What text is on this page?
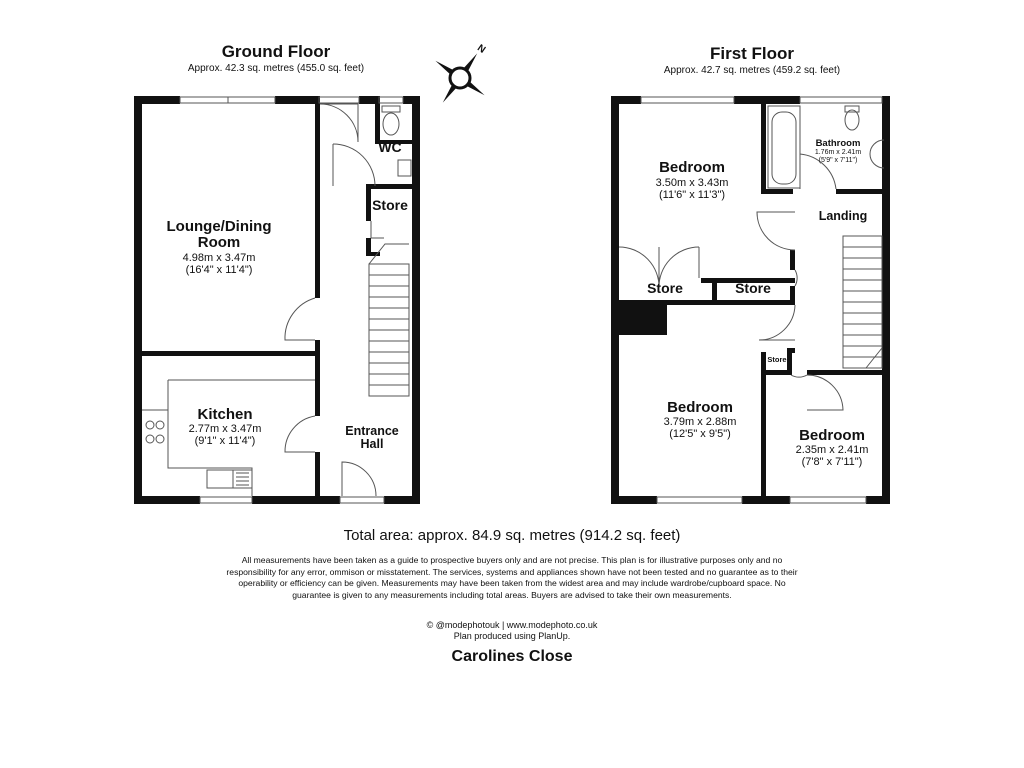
Ground Floor
Approx. 42.3 sq. metres (455.0 sq. feet)
WC
Store
Lounge/Dining
Room
4.98m x 3.47m
(16'4" x 11'4")
Kitchen
2.77m x 3.47m
(9'1" x 11'4")
Entrance
Hall
N	First Floor
Approx. 42.7 sq. metres (459.2 sq. feet)
Bedroom
3.50m x 3.43m
(11'6" x 11'3")
Bathroom
1.76m x 2.41m
(5'9" x 7'11")
Landing
Store	Store
Store
Bedroom
3.79m x 2.88m
(12'5" x 9'5")	Bedroom
2.35m x 2.41m
(7'8" x 7'11")
Total area: approx. 84.9 sq. metres (914.2 sq. feet)
All measurements have been taken as a guide to prospective buyers only and are not precise. This plan is for illustrative purposes only and no responsibility for any error, ommison or misstatement. The services, systems and appliances shown have not been tested and no guarantee as to their operability or efficiency can be given. Measurements may have been taken from the widest area and may include wardrobe/cupboard space. No guarantee is given to any measurements including total areas. Buyers are advised to take their own measurements.
© @modephotouk | www.modephoto.co.uk
Plan produced using PlanUp.
Carolines Close
